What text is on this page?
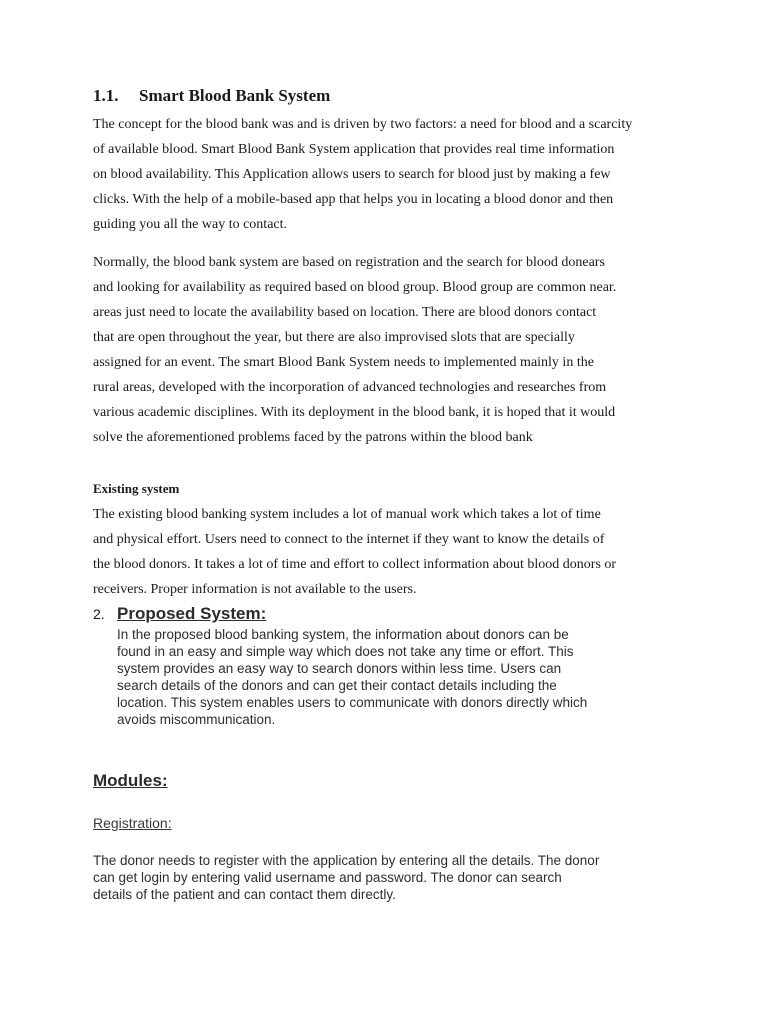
1.1. Smart Blood Bank System

The concept for the blood bank was and is driven by two factors: a need for blood and a scarcity
of available blood. Smart Blood Bank System application that provides real time information
on blood availability. This Application allows users to search for blood just by making a few
clicks. With the help of a mobile-based app that helps you in locating a blood donor and then
guiding you all the way to contact.

Normally, the blood bank system are based on registration and the search for blood donears
and looking for availability as required based on blood group. Blood group are common near.
areas just need to locate the availability based on location. There are blood donors contact
that are open throughout the year, but there are also improvised slots that are specially
assigned for an event. The smart Blood Bank System needs to implemented mainly in the
rural areas, developed with the incorporation of advanced technologies and researches from
various academic disciplines. With its deployment in the blood bank, it is hoped that it would
solve the aforementioned problems faced by the patrons within the blood bank

Existing system

The existing blood banking system includes a lot of manual work which takes a lot of time
and physical effort. Users need to connect to the internet if they want to know the details of
the blood donors. It takes a lot of time and effort to collect information about blood donors or
receivers. Proper information is not available to the users.

2. Proposed System:

In the proposed blood banking system, the information about donors can be
found in an easy and simple way which does not take any time or effort. This
system provides an easy way to search donors within less time. Users can
search details of the donors and can get their contact details including the
location. This system enables users to communicate with donors directly which
avoids miscommunication.

Modules:
Registration:

The donor needs to register with the application by entering all the details. The donor
can get login by entering valid username and password. The donor can search
details of the patient and can contact them directly.
